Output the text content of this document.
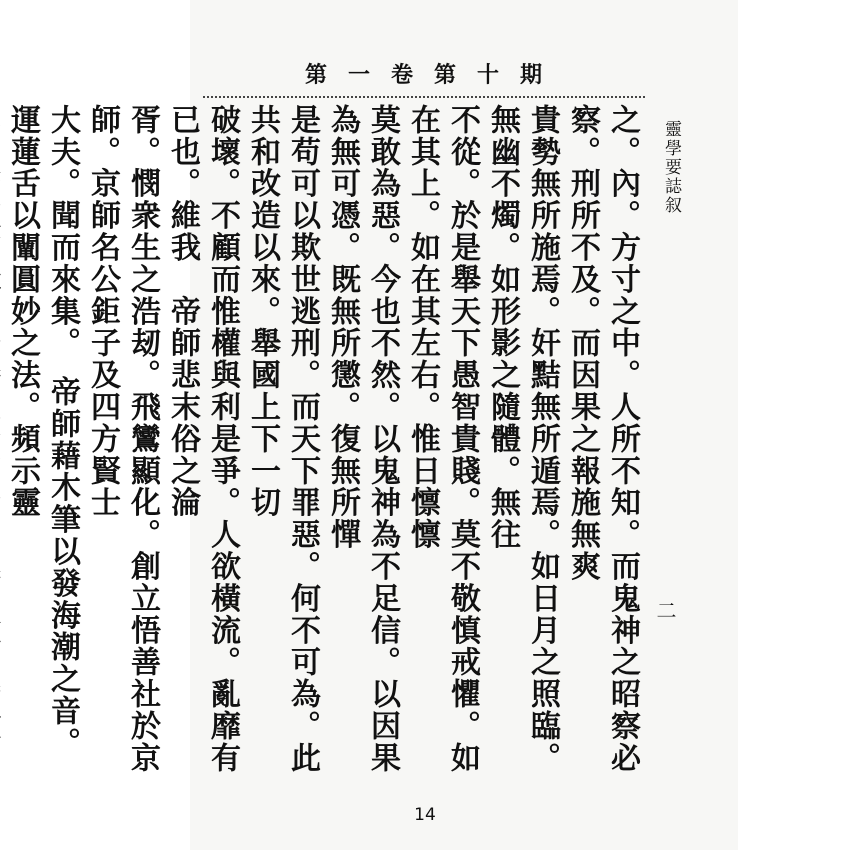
第一卷第十期
靈學要誌叙
二
之。內。方寸之中。人所不知。而鬼神之昭察必察。刑所不及。而因果之報施無爽
貴勢無所施焉。奸黠無所遁焉。如日月之照臨。無幽不燭。如形影之隨體。無往
不從。於是舉天下愚智貴賤。莫不敬慎戒懼。如在其上。如在其左右。惟日懔懔
莫敢為惡。今也不然。以鬼神為不足信。以因果為無可憑。既無所懲。復無所憚
是苟可以欺世逃刑。而天下罪惡。何不可為。此共和改造以來。舉國上下一切
破壞。不顧而惟權與利是爭。人欲橫流。亂靡有已也。維我　帝師悲末俗之淪
胥。憫衆生之浩刼。飛鸞顯化。創立悟善社於京師。京師名公鉅子及四方賢士
大夫。聞而來集。　帝師藉木筆以發海潮之音。運蓮舌以闡圓妙之法。頻示靈
14
